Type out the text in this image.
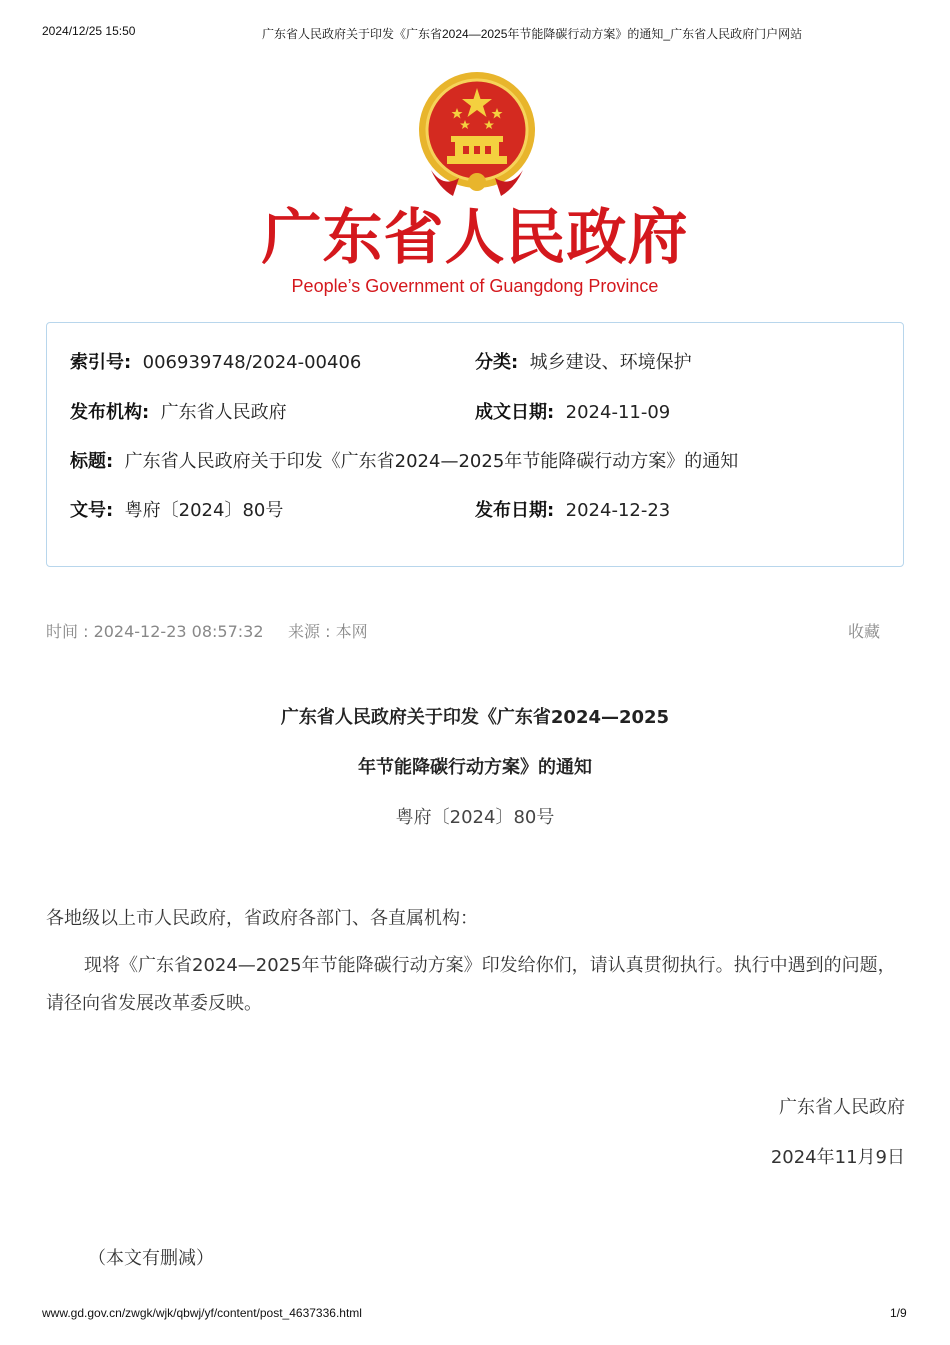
2024/12/25 15:50	广东省人民政府关于印发《广东省2024—2025年节能降碳行动方案》的通知_广东省人民政府门户网站
广东省人民政府
People’s Government of Guangdong Province
索引号: 006939748/2024-00406	分类: 城乡建设、环境保护
发布机构: 广东省人民政府	成文日期: 2024-11-09
标题: 广东省人民政府关于印发《广东省2024—2025年节能降碳行动方案》的通知
文号: 粤府〔2024〕80号	发布日期: 2024-12-23
时间 : 2024-12-23 08:57:32 来源 : 本网	收藏
广东省人民政府关于印发《广东省2024—2025
年节能降碳行动方案》的通知
粤府〔2024〕80号
各地级以上市人民政府，省政府各部门、各直属机构：
现将《广东省2024—2025年节能降碳行动方案》印发给你们，请认真贯彻执行。执行中遇到的问题，请径向省发展改革委反映。
广东省人民政府
2024年11月9日
（本文有删减）
www.gd.gov.cn/zwgk/wjk/qbwj/yf/content/post_4637336.html	1/9
